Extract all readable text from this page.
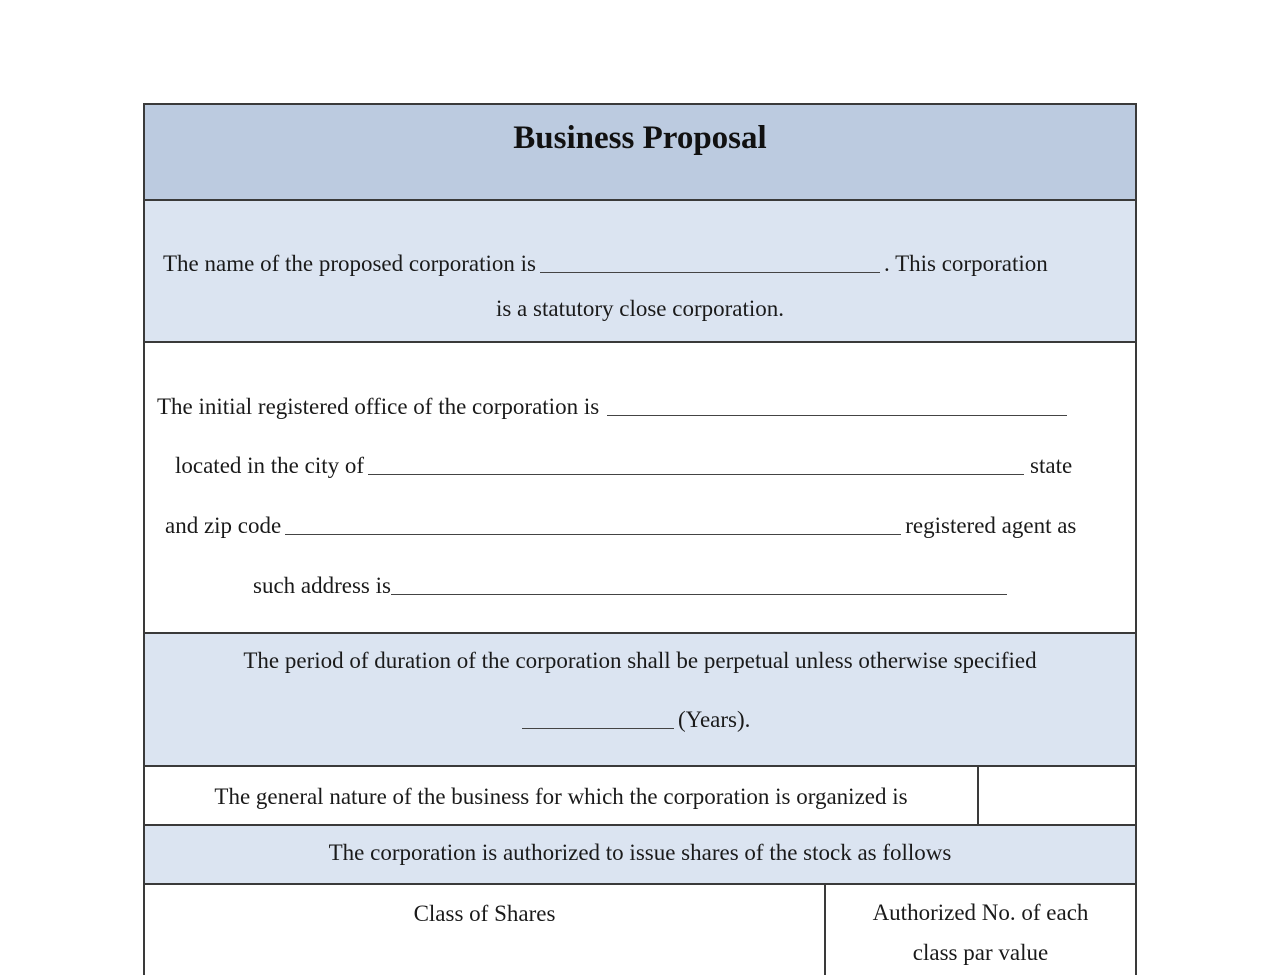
Business Proposal
The name of the proposed corporation is	. This corporation
is a statutory close corporation.
The initial registered office of the corporation is
located in the city of	state
and zip code	registered agent as
such address is
The period of duration of the corporation shall be perpetual unless otherwise specified
(Years).
The general nature of the business for which the corporation is organized is
The corporation is authorized to issue shares of the stock as follows
Class of Shares	Authorized No. of each
class par value
